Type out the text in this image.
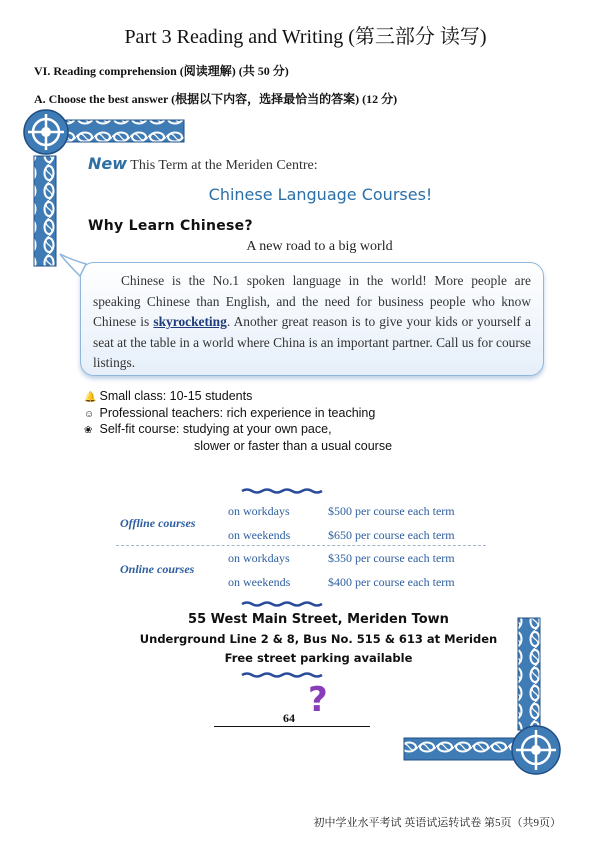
Part 3 Reading and Writing (第三部分 读写)
VI. Reading comprehension (阅读理解) (共 50 分)
A. Choose the best answer (根据以下内容，选择最恰当的答案) (12 分)
New This Term at the Meriden Centre:
Chinese Language Courses!
Why Learn Chinese?
A new road to a big world
Chinese is the No.1 spoken language in the world! More people are speaking Chinese than English, and the need for business people who know Chinese is skyrocketing. Another great reason is to give your kids or yourself a seat at the table in a world where China is an important partner. Call us for course listings.
🔔 Small class: 10-15 students
☺ Professional teachers: rich experience in teaching
❀ Self-fit course: studying at your own pace,
slower or faster than a usual course
Offline courses
on workdays	$500 per course each term
on weekends	$650 per course each term
Online courses
on workdays	$350 per course each term
on weekends	$400 per course each term
55 West Main Street, Meriden Town
Underground Line 2 & 8, Bus No. 515 & 613 at Meriden
Free street parking available
?
64
初中学业水平考试 英语试运转试卷 第5页（共9页）
